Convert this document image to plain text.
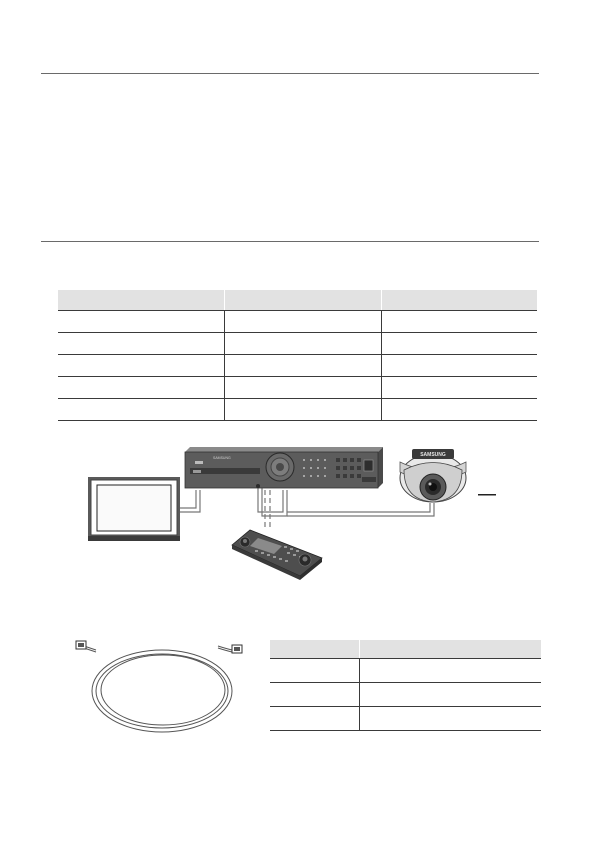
SAMSUNG	SAMSUNG
